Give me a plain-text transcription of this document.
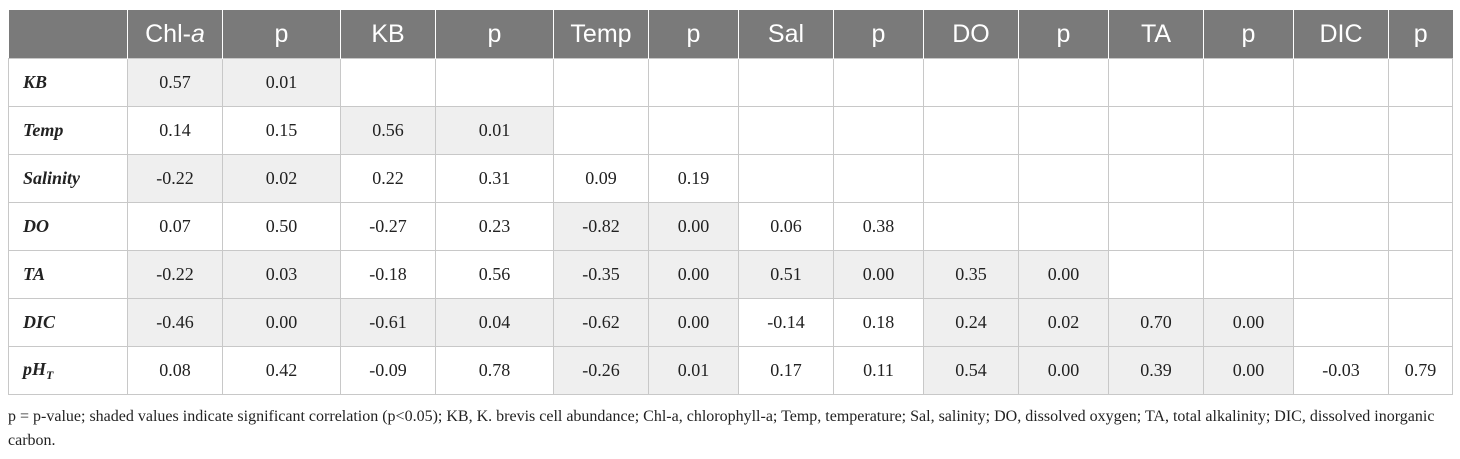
	Chl-a	p	KB	p	Temp	p	Sal	p	DO	p	TA	p	DIC	p
KB	0.57	0.01												
Temp	0.14	0.15	0.56	0.01										
Salinity	-0.22	0.02	0.22	0.31	0.09	0.19								
DO	0.07	0.50	-0.27	0.23	-0.82	0.00	0.06	0.38						
TA	-0.22	0.03	-0.18	0.56	-0.35	0.00	0.51	0.00	0.35	0.00				
DIC	-0.46	0.00	-0.61	0.04	-0.62	0.00	-0.14	0.18	0.24	0.02	0.70	0.00		
$pH_T$	0.08	0.42	-0.09	0.78	-0.26	0.01	0.17	0.11	0.54	0.00	0.39	0.00	-0.03	0.79
p = p-value; shaded values indicate significant correlation (p<0.05); KB, K. brevis cell abundance; Chl-a, chlorophyll-a; Temp, temperature; Sal, salinity; DO, dissolved oxygen; TA, total alkalinity; DIC, dissolved inorganic carbon.
